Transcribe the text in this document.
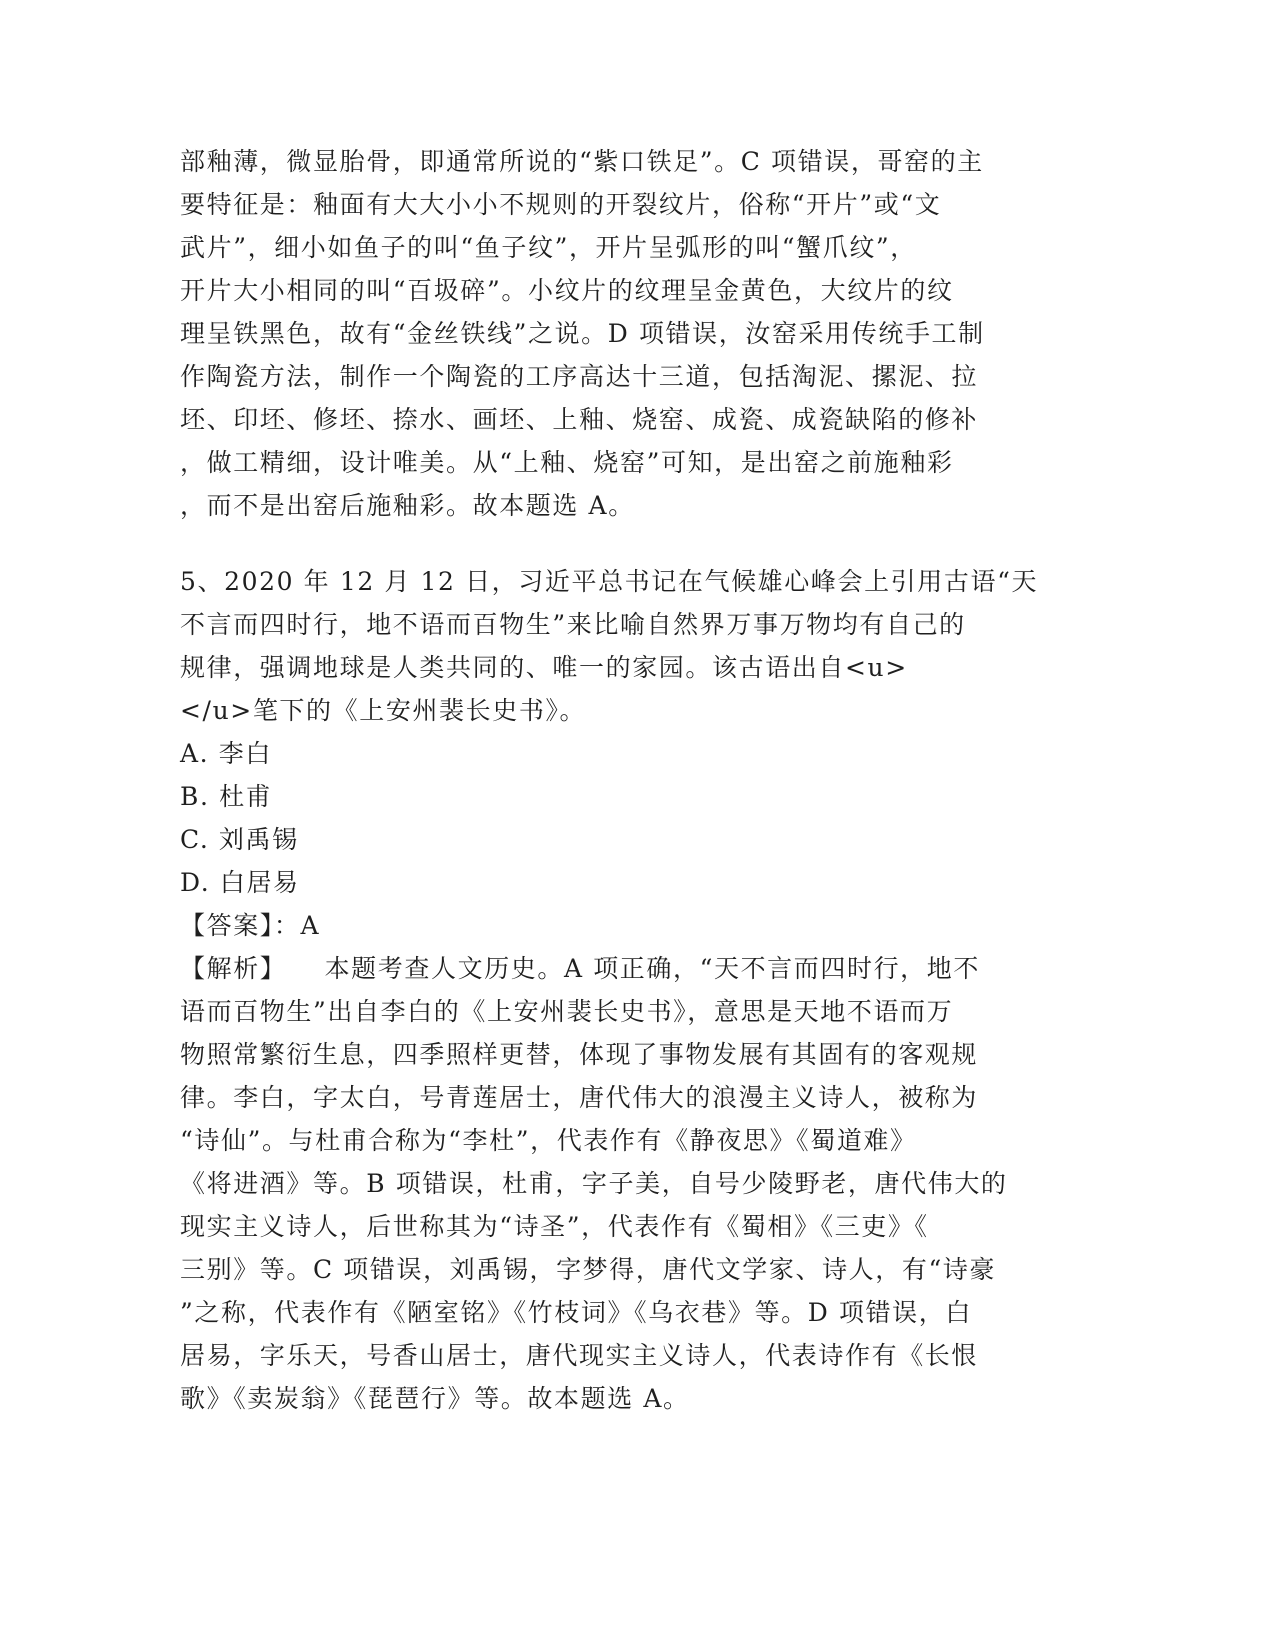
部釉薄，微显胎骨，即通常所说的“紫口铁足”。C 项错误，哥窑的主
要特征是：釉面有大大小小不规则的开裂纹片，俗称“开片”或“文
武片”，细小如鱼子的叫“鱼子纹”，开片呈弧形的叫“蟹爪纹”，
开片大小相同的叫“百圾碎”。小纹片的纹理呈金黄色，大纹片的纹
理呈铁黑色，故有“金丝铁线”之说。D 项错误，汝窑采用传统手工制
作陶瓷方法，制作一个陶瓷的工序高达十三道，包括淘泥、摞泥、拉
坯、印坯、修坯、捺水、画坯、上釉、烧窑、成瓷、成瓷缺陷的修补
，做工精细，设计唯美。从“上釉、烧窑”可知，是出窑之前施釉彩
，而不是出窑后施釉彩。故本题选 A。
5、2020 年 12 月 12 日，习近平总书记在气候雄心峰会上引用古语“天
不言而四时行，地不语而百物生”来比喻自然界万事万物均有自己的
规律，强调地球是人类共同的、唯一的家园。该古语出自<u>
</u>笔下的《上安州裴长史书》。
A. 李白
B. 杜甫
C. 刘禹锡
D. 白居易
【答案】：A
【解析】    本题考查人文历史。A 项正确，“天不言而四时行，地不
语而百物生”出自李白的《上安州裴长史书》，意思是天地不语而万
物照常繁衍生息，四季照样更替，体现了事物发展有其固有的客观规
律。李白，字太白，号青莲居士，唐代伟大的浪漫主义诗人，被称为
“诗仙”。与杜甫合称为“李杜”，代表作有《静夜思》《蜀道难》
《将进酒》等。B 项错误，杜甫，字子美，自号少陵野老，唐代伟大的
现实主义诗人，后世称其为“诗圣”，代表作有《蜀相》《三吏》《
三别》等。C 项错误，刘禹锡，字梦得，唐代文学家、诗人，有“诗豪
”之称，代表作有《陋室铭》《竹枝词》《乌衣巷》等。D 项错误，白
居易，字乐天，号香山居士，唐代现实主义诗人，代表诗作有《长恨
歌》《卖炭翁》《琵琶行》等。故本题选 A。
